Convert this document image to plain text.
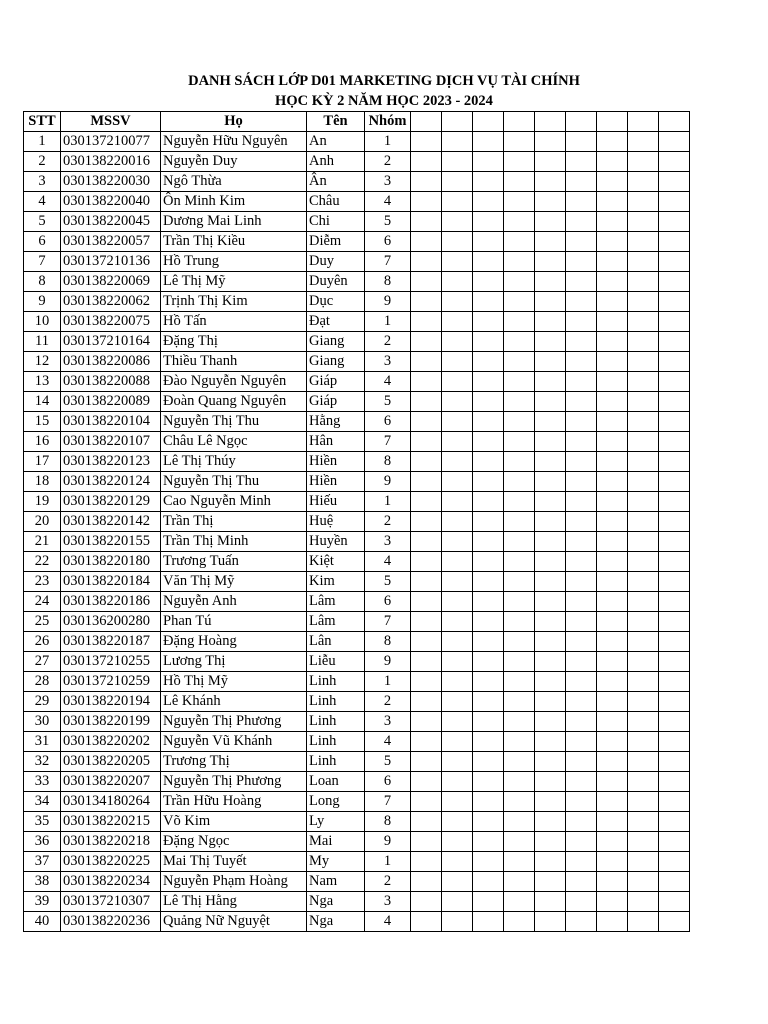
DANH SÁCH LỚP D01 MARKETING DỊCH VỤ TÀI CHÍNH
HỌC KỲ 2 NĂM HỌC 2023 - 2024
STT	MSSV	Họ	Tên	Nhóm									
1	030137210077	Nguyễn Hữu Nguyên	An	1									
2	030138220016	Nguyễn Duy	Anh	2									
3	030138220030	Ngô Thừa	Ân	3									
4	030138220040	Ôn Minh Kim	Châu	4									
5	030138220045	Dương Mai Linh	Chi	5									
6	030138220057	Trần Thị Kiều	Diễm	6									
7	030137210136	Hồ Trung	Duy	7									
8	030138220069	Lê Thị Mỹ	Duyên	8									
9	030138220062	Trịnh Thị Kim	Dục	9									
10	030138220075	Hồ Tấn	Đạt	1									
11	030137210164	Đặng Thị	Giang	2									
12	030138220086	Thiều Thanh	Giang	3									
13	030138220088	Đào Nguyễn Nguyên	Giáp	4									
14	030138220089	Đoàn Quang Nguyên	Giáp	5									
15	030138220104	Nguyễn Thị Thu	Hằng	6									
16	030138220107	Châu Lê Ngọc	Hân	7									
17	030138220123	Lê Thị Thúy	Hiền	8									
18	030138220124	Nguyễn Thị Thu	Hiền	9									
19	030138220129	Cao Nguyễn Minh	Hiếu	1									
20	030138220142	Trần Thị	Huệ	2									
21	030138220155	Trần Thị Minh	Huyền	3									
22	030138220180	Trương Tuấn	Kiệt	4									
23	030138220184	Văn Thị Mỹ	Kim	5									
24	030138220186	Nguyễn Anh	Lâm	6									
25	030136200280	Phan Tú	Lâm	7									
26	030138220187	Đặng Hoàng	Lân	8									
27	030137210255	Lương Thị	Liễu	9									
28	030137210259	Hồ Thị Mỹ	Linh	1									
29	030138220194	Lê Khánh	Linh	2									
30	030138220199	Nguyễn Thị Phương	Linh	3									
31	030138220202	Nguyễn Vũ Khánh	Linh	4									
32	030138220205	Trương Thị	Linh	5									
33	030138220207	Nguyễn Thị Phương	Loan	6									
34	030134180264	Trần Hữu Hoàng	Long	7									
35	030138220215	Võ Kim	Ly	8									
36	030138220218	Đặng Ngọc	Mai	9									
37	030138220225	Mai Thị Tuyết	My	1									
38	030138220234	Nguyễn Phạm Hoàng	Nam	2									
39	030137210307	Lê Thị Hằng	Nga	3									
40	030138220236	Quảng Nữ Nguyệt	Nga	4									
